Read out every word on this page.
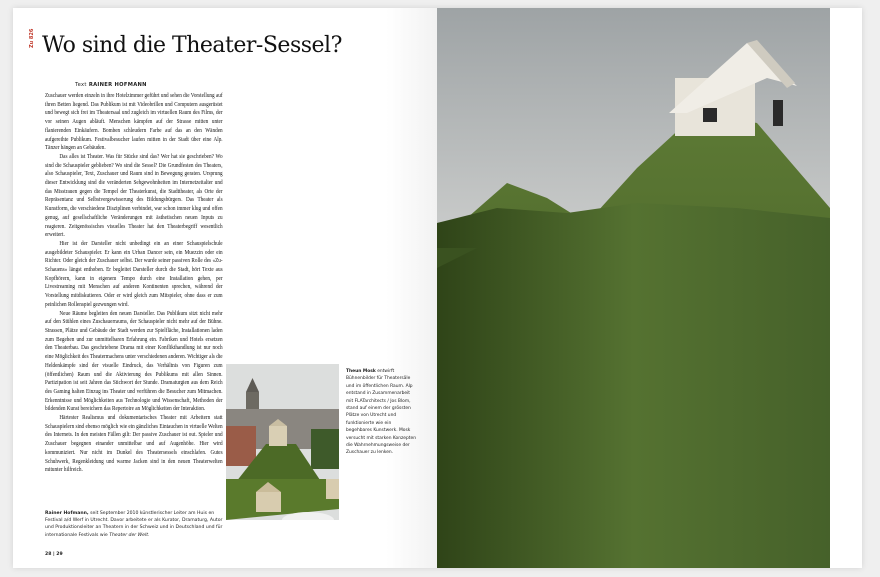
Zu 826 Wo sind die Theater-Sessel?
Text RAINER HOFMANN

Zuschauer werden einzeln in ihre Hotelzimmer geführt und sehen die Vorstellung auf ihren Betten liegend. Das Publikum ist mit Videobrillen und Computern ausgerüstet und bewegt sich frei im Theatersaal und zugleich im virtuellen Raum des Films, der vor seinen Augen abläuft. Menschen kämpfen auf der Strasse mitten unter flanierenden Einkäufern. Bomben schleudern Farbe auf das an den Wänden aufgereihte Publikum. Festivalbesucher laufen mitten in der Stadt über eine Alp. Tänzer hängen an Gebäuden.

Das alles ist Theater. Was für Stücke sind das? Wer hat sie geschrieben? Wo sind die Schauspieler geblieben? Wo sind die Sessel? Die Grundfesten des Theaters, also Schauspieler, Text, Zuschauer und Raum sind in Bewegung geraten. Ursprung dieser Entwicklung sind die veränderten Sehgewohnheiten im Internetzeitalter und das Misstrauen gegen die Tempel der Theaterkunst, die Stadttheater, als Orte der Repräsentanz und Selbstvergewisserung des Bildungsbürgers. Das Theater als Kunstform, die verschiedene Disziplinen verbindet, war schon immer klug und offen genug, auf gesellschaftliche Veränderungen mit ästhetischen neuen Inputs zu reagieren. Zeitgenössisches visuelles Theater hat den Theaterbegriff wesentlich erweitert.

Hier ist der Darsteller nicht unbedingt ein an einer Schauspielschule ausgebildeter Schauspieler. Er kann ein Urban Dancer sein, ein Muezzin oder ein Richter. Oder gleich der Zuschauer selbst. Der wurde seiner passiven Rolle des «Zu-Schauens» längst enthoben. Er begleitet Darsteller durch die Stadt, hört Texte aus Kopfhörern, kann in eigenem Tempo durch eine Installation gehen, per Livestreaming mit Menschen auf anderen Kontinenten sprechen, während der Vorstellung mitdiskutieren. Oder er wird gleich zum Mitspieler, ohne dass er zum peinlichen Rollenspiel gezwungen wird.

Neue Räume begleiten den neuen Darsteller. Das Publikum sitzt nicht mehr auf den Stühlen eines Zuschauerraums, der Schauspieler nicht mehr auf der Bühne. Strassen, Plätze und Gebäude der Stadt werden zur Spielfläche, Installationen laden zum Begehen und zur unmittelbaren Erfahrung ein. Fabriken und Hotels ersetzen den Theaterbau. Das geschriebene Drama mit einer Konflikthandlung ist nur noch eine Möglichkeit des Theatermachens unter verschiedenen anderen. Wichtiger als die Heldenkämpfe sind der visuelle Eindruck, das Verhältnis von Figuren zum (öffentlichen) Raum und die Aktivierung des Publikums mit allen Sinnen. Partizipation ist seit Jahren das Stichwort der Stunde. Dramaturgien aus dem Reich des Gaming halten Einzug ins Theater und verführen die Besucher zum Mitmachen. Erkenntnisse und Möglichkeiten aus Technologie und Wissenschaft, Methoden der bildenden Kunst bereichern das Repertoire an Möglichkeiten der Interaktion.

Härtester Realismus und dokumentarisches Theater mit Arbeitern statt Schauspielern sind ebenso möglich wie ein gänzliches Eintauchen in virtuelle Welten des Internets. In den meisten Fällen gilt: Der passive Zuschauer ist out. Spieler und Zuschauer begegnen einander unmittelbar und auf Augenhöhe. Hier wird kommuniziert. Nur nicht im Dunkel des Theatersessels einschlafen. Gutes Schuhwerk, Regenkleidung und warme Jacken sind in den neuen Theaterwelten mitunter hilfreich.

Rainer Hofmann, seit September 2010 künstlerischer Leiter am Huis en Festival a/d Werf in Utrecht. Davor arbeitete er als Kurator, Dramaturg, Autor und Produktionsleiter an Theatern in der Schweiz und in Deutschland und für internationale Festivals wie Theater der Welt.
28 | 29
Theun Mosk entwirft Bühnenbilder für Theatersäle und im öffentlichen Raum. Alp entstand in Zusammenarbeit mit FLATarchitects / Jos Blom, stand auf einem der grössten Plätze von Utrecht und funktionierte wie ein begehbares Kunstwerk. Mosk versucht mit starken Konzepten die Wahrnehmungsweise der Zuschauer zu lenken.
